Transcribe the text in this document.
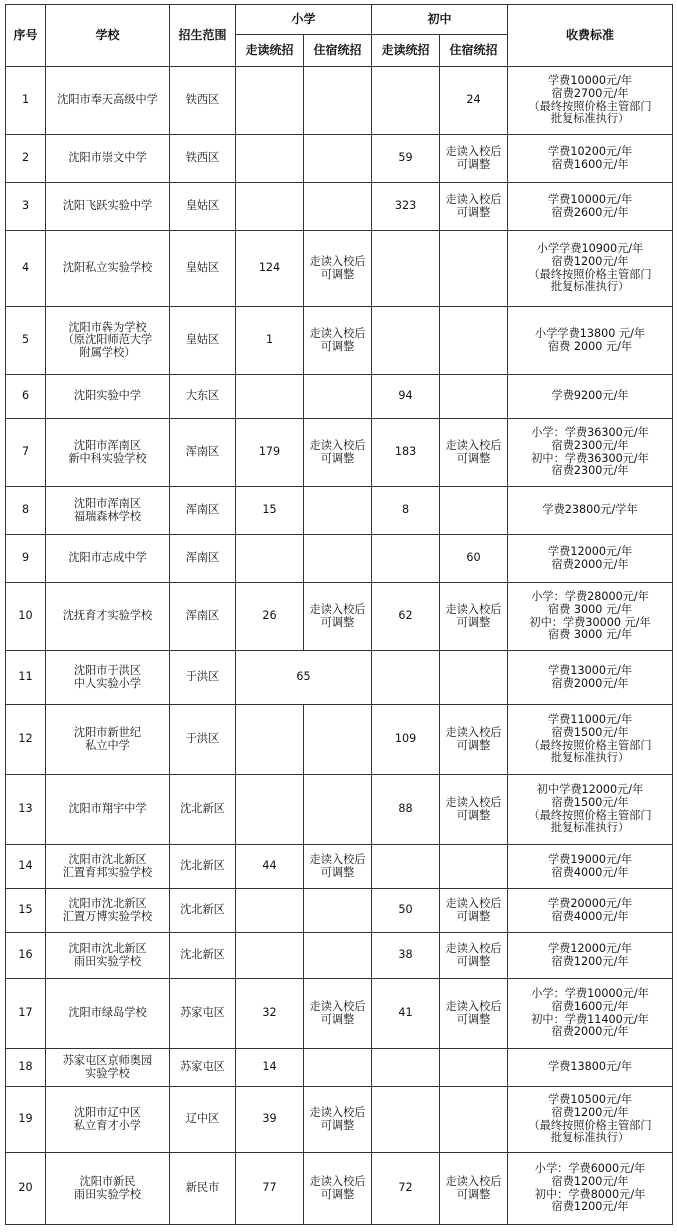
序号	学校	招生范围	小学		初中		收费标准
			走读统招	住宿统招	走读统招	住宿统招	
1	沈阳市奉天高级中学	铁西区				24	学费10000元/年
宿费2700元/年
（最终按照价格主管部门
批复标准执行）
2	沈阳市崇文中学	铁西区			59	走读入校后
可调整	学费10200元/年
宿费1600元/年
3	沈阳飞跃实验中学	皇姑区			323	走读入校后
可调整	学费10000元/年
宿费2600元/年
4	沈阳私立实验学校	皇姑区	124	走读入校后
可调整			小学学费10900元/年
宿费1200元/年
（最终按照价格主管部门
批复标准执行）
5	沈阳市犇为学校
（原沈阳师范大学
附属学校）	皇姑区	1	走读入校后
可调整			小学学费13800 元/年
宿费 2000 元/年
6	沈阳实验中学	大东区			94		学费9200元/年
7	沈阳市浑南区
新中科实验学校	浑南区	179	走读入校后
可调整	183	走读入校后
可调整	小学：学费36300元/年
宿费2300元/年
初中：学费36300元/年
宿费2300元/年
8	沈阳市浑南区
福瑞森林学校	浑南区	15		8		学费23800元/学年
9	沈阳市志成中学	浑南区				60	学费12000元/年
宿费2000元/年
10	沈抚育才实验学校	浑南区	26	走读入校后
可调整	62	走读入校后
可调整	小学：学费28000元/年
宿费 3000 元/年
初中：学费30000 元/年
宿费 3000 元/年
11	沈阳市于洪区
中人实验小学	于洪区	65				学费13000元/年
宿费2000元/年
12	沈阳市新世纪
私立中学	于洪区			109	走读入校后
可调整	学费11000元/年
宿费1500元/年
（最终按照价格主管部门
批复标准执行）
13	沈阳市翔宇中学	沈北新区			88	走读入校后
可调整	初中学费12000元/年
宿费1500元/年
（最终按照价格主管部门
批复标准执行）
14	沈阳市沈北新区
汇置育邦实验学校	沈北新区	44	走读入校后
可调整			学费19000元/年
宿费4000元/年
15	沈阳市沈北新区
汇置万博实验学校	沈北新区			50	走读入校后
可调整	学费20000元/年
宿费4000元/年
16	沈阳市沈北新区
雨田实验学校	沈北新区			38	走读入校后
可调整	学费12000元/年
宿费1200元/年
17	沈阳市绿岛学校	苏家屯区	32	走读入校后
可调整	41	走读入校后
可调整	小学：学费10000元/年
宿费1600元/年
初中：学费11400元/年
宿费2000元/年
18	苏家屯区京师奥园
实验学校	苏家屯区	14				学费13800元/年
19	沈阳市辽中区
私立育才小学	辽中区	39	走读入校后
可调整			学费10500元/年
宿费1200元/年
（最终按照价格主管部门
批复标准执行）
20	沈阳市新民
雨田实验学校	新民市	77	走读入校后
可调整	72	走读入校后
可调整	小学：学费6000元/年
宿费1200元/年
初中：学费8000元/年
宿费1200元/年
